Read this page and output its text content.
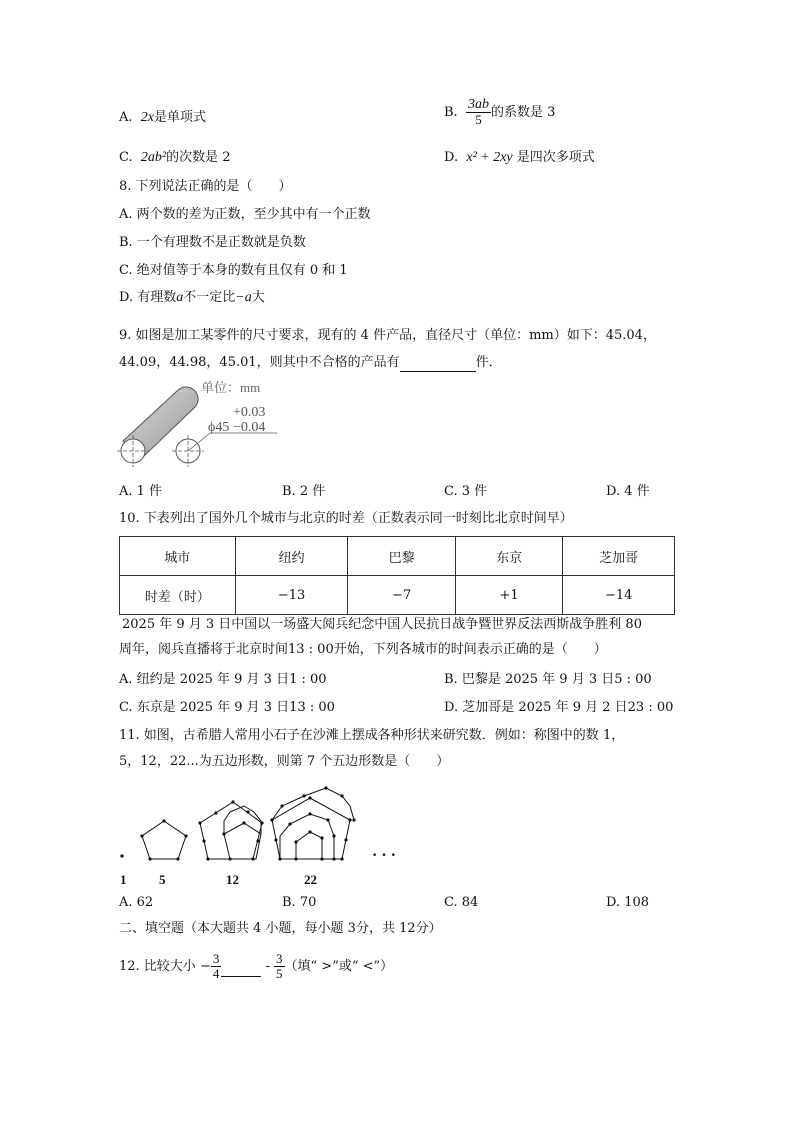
A. 2x是单项式	B. $\frac{3ab}{5}$ 的系数是 3
C. 2ab²的次数是 2	D. x² + 2xy 是四次多项式
8. 下列说法正确的是（　　）
A. 两个数的差为正数，至少其中有一个正数
B. 一个有理数不是正数就是负数
C. 绝对值等于本身的数有且仅有 0 和 1
D. 有理数a不一定比−a大
9. 如图是加工某零件的尺寸要求，现有的 4 件产品，直径尺寸（单位：mm）如下：45.04，
44.09，44.98，45.01，则其中不合格的产品有	件．
单位：mm
+0.03
ϕ45 −0.04
A. 1 件	B. 2 件	C. 3 件	D. 4 件
10. 下表列出了国外几个城市与北京的时差（正数表示同一时刻比北京时间早）
城市	纽约	巴黎	东京	芝加哥
时差（时）	−13	−7	+1	−14
2025 年 9 月 3 日中国以一场盛大阅兵纪念中国人民抗日战争暨世界反法西斯战争胜利 80
周年，阅兵直播将于北京时间13 : 00开始，下列各城市的时间表示正确的是（　　）
A. 纽约是 2025 年 9 月 3 日1 : 00	B. 巴黎是 2025 年 9 月 3 日5 : 00
C. 东京是 2025 年 9 月 3 日13 : 00	D. 芝加哥是 2025 年 9 月 2 日23 : 00
11. 如图，古希腊人常用小石子在沙滩上摆成各种形状来研究数．例如：称图中的数 1，
5，12，22...为五边形数，则第 7 个五边形数是（　　）
· · ·
1	5	12	22
A. 62	B. 70	C. 84	D. 108
二、填空题（本大题共 4 小题，每小题 3分，共 12分）
12. 比较大小 − $\frac{3}{4}$	- $\frac{3}{5}$ （填“ >”或“ <”）
